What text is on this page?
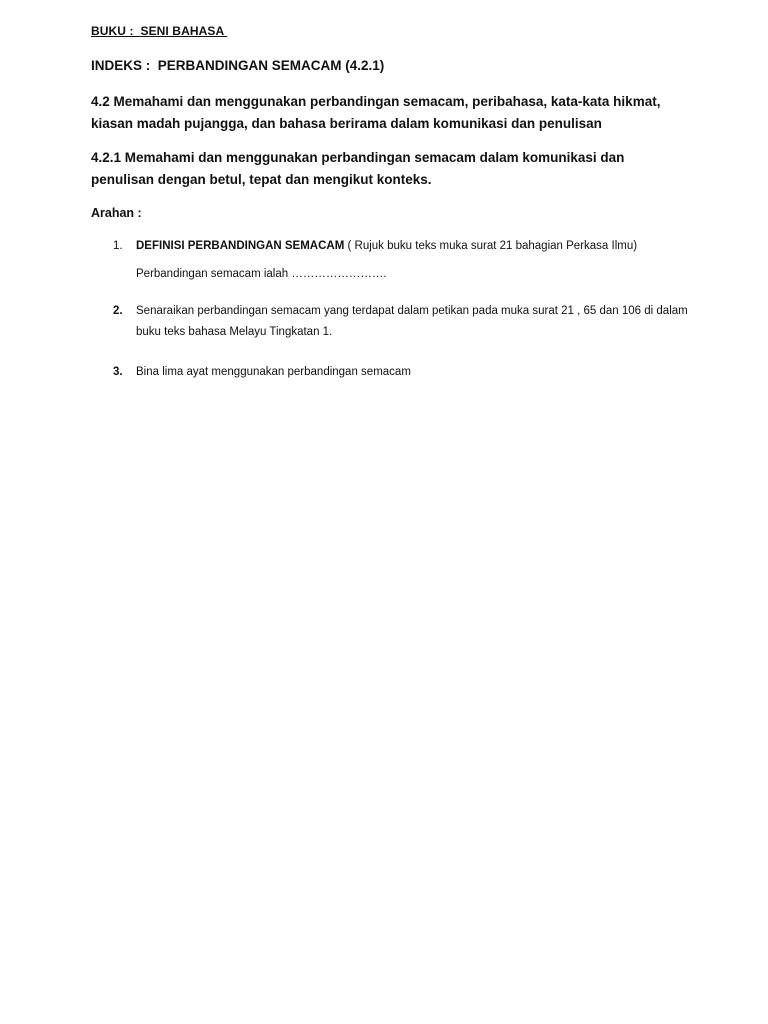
BUKU :  SENI BAHASA
INDEKS :  PERBANDINGAN SEMACAM (4.2.1)
4.2 Memahami dan menggunakan perbandingan semacam, peribahasa, kata-kata hikmat, kiasan madah pujangga, dan bahasa berirama dalam komunikasi dan penulisan
4.2.1 Memahami dan menggunakan perbandingan semacam dalam komunikasi dan penulisan dengan betul, tepat dan mengikut konteks.
Arahan :
1. DEFINISI PERBANDINGAN SEMACAM ( Rujuk buku teks muka surat 21 bahagian Perkasa Ilmu)
Perbandingan semacam ialah …………………….
2. Senaraikan perbandingan semacam yang terdapat dalam petikan pada muka surat 21 , 65 dan 106 di dalam buku teks bahasa Melayu Tingkatan 1.
3. Bina lima ayat menggunakan perbandingan semacam
